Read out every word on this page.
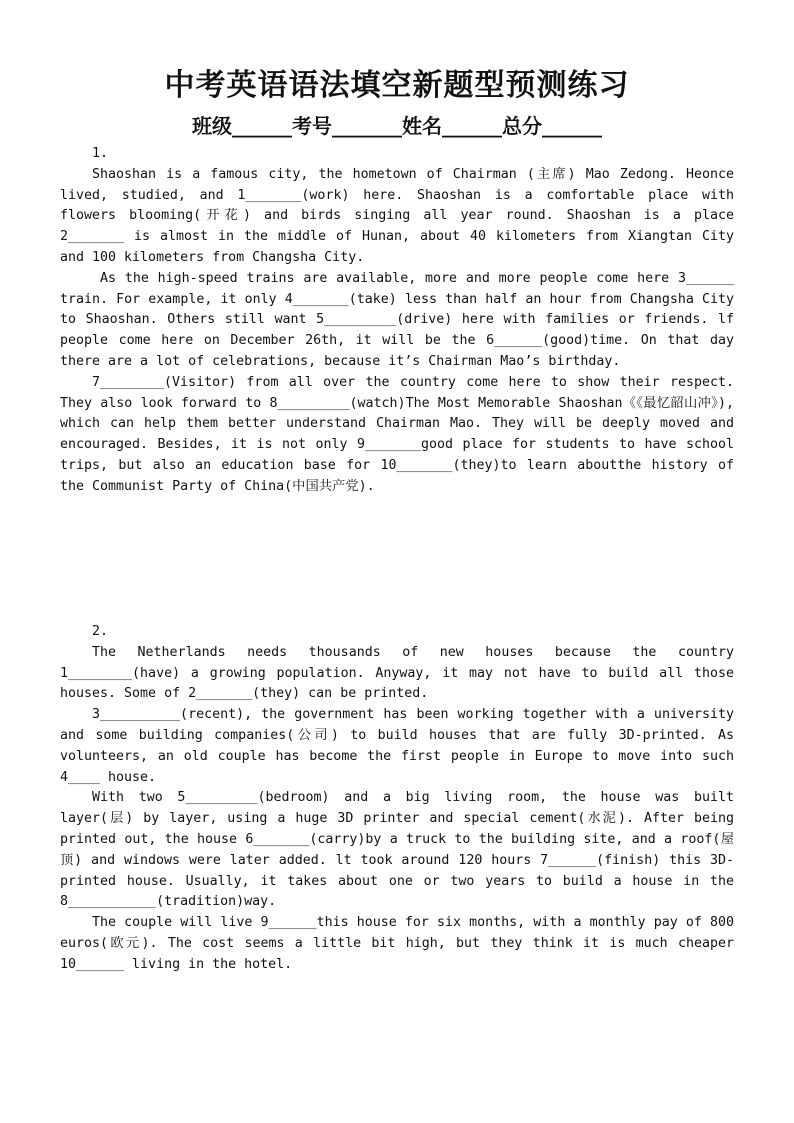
中考英语语法填空新题型预测练习
班级______考号_______姓名______总分______

1.

Shaoshan is a famous city, the hometown of Chairman (主席) Mao Zedong. Heonce lived, studied, and 1_______(work) here. Shaoshan is a comfortable place with flowers blooming(开花) and birds singing all year round. Shaoshan is a place 2_______ is almost in the middle of Hunan, about 40 kilometers from Xiangtan City and 100 kilometers from Changsha City.

As the high-speed trains are available, more and more people come here 3______ train. For example, it only 4_______(take) less than half an hour from Changsha City to Shaoshan. Others still want 5_________(drive) here with families or friends. lf people come here on December 26th, it will be the 6______(good)time. On that day there are a lot of celebrations, because it’s Chairman Mao’s birthday.

7________(Visitor) from all over the country come here to show their respect. They also look forward to 8_________(watch)The Most Memorable Shaoshan《《最忆韶山冲》), which can help them better understand Chairman Mao. They will be deeply moved and encouraged. Besides, it is not only 9_______good place for students to have school trips, but also an education base for 10_______(they)to learn aboutthe history of the Communist Party of China(中国共产党).

2.

The Netherlands needs thousands of new houses because the country 1________(have) a growing population. Anyway, it may not have to build all those houses. Some of 2_______(they) can be printed.

3__________(recent), the government has been working together with a university and some building companies(公司) to build houses that are fully 3D-printed. As volunteers, an old couple has become the first people in Europe to move into such 4____ house.

With two 5_________(bedroom) and a big living room, the house was built layer(层) by layer, using a huge 3D printer and special cement(水泥). After being printed out, the house 6_______(carry)by a truck to the building site, and a roof(屋顶) and windows were later added. lt took around 120 hours 7______(finish) this 3D-printed house. Usually, it takes about one or two years to build a house in the 8___________(tradition)way.

The couple will live 9______this house for six months, with a monthly pay of 800 euros(欧元). The cost seems a little bit high, but they think it is much cheaper 10______ living in the hotel.
